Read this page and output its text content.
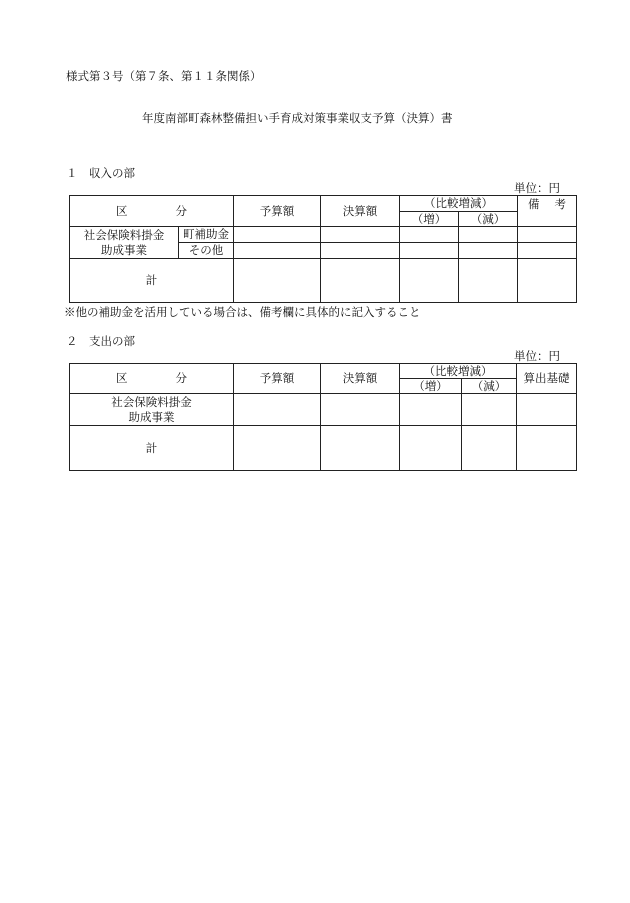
様式第３号（第７条、第１１条関係）
年度南部町森林整備担い手育成対策事業収支予算（決算）書
１　収入の部
単位：円
区 分		予算額	決算額	（比較増減）		備 考

				（増）	（減）	
社会保険料掛金
助成事業	町補助金					
	その他					
計						
※他の補助金を活用している場合は、備考欄に具体的に記入すること
２　支出の部
単位：円
区 分	予算額	決算額	（比較増減）		算出基礎
			（増）	（減）	
社会保険料掛金
助成事業					
計					
